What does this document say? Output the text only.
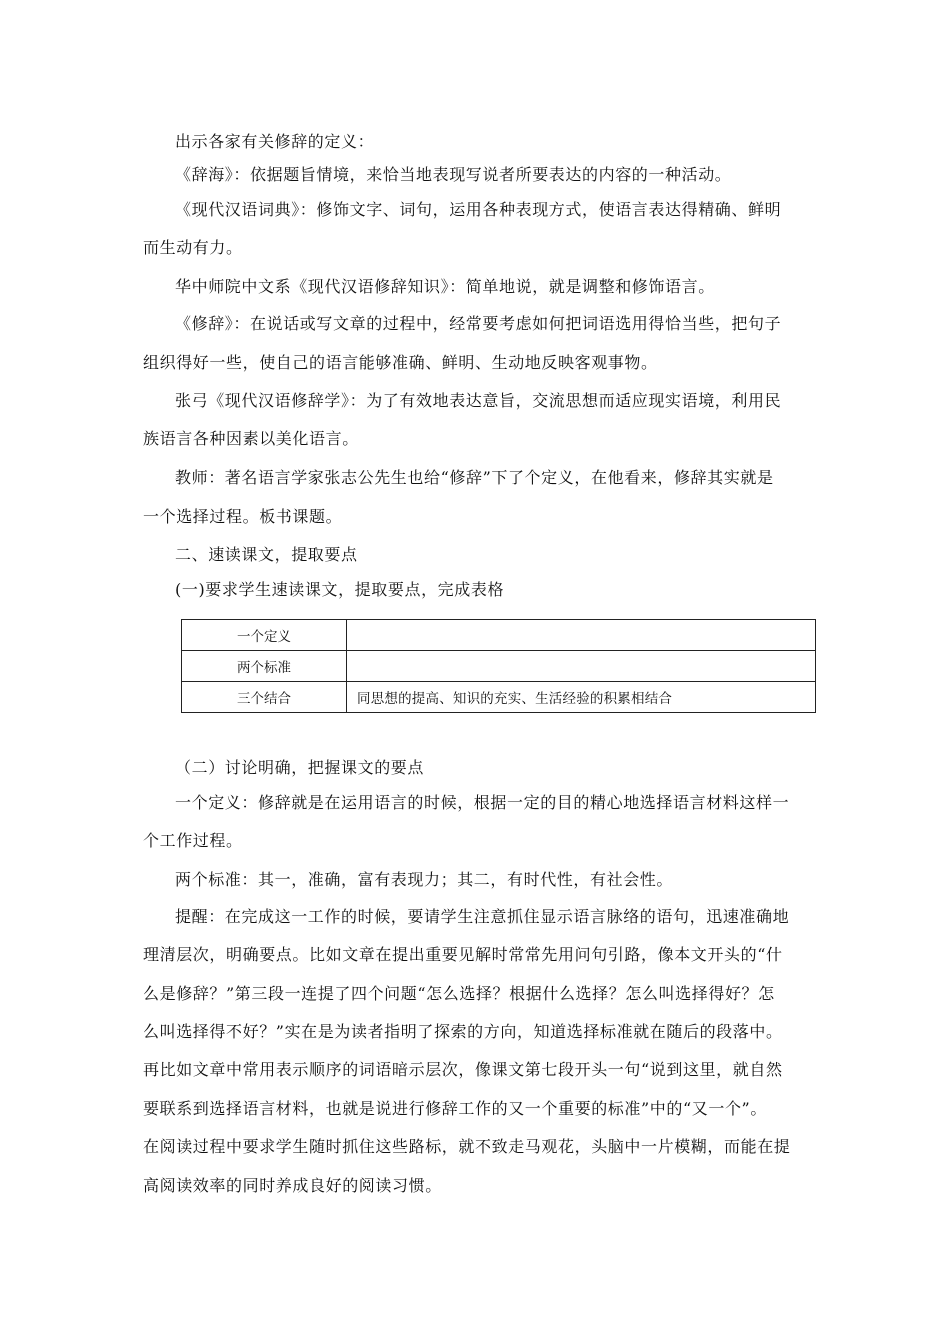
出示各家有关修辞的定义：
《辞海》：依据题旨情境，来恰当地表现写说者所要表达的内容的一种活动。
《现代汉语词典》：修饰文字、词句，运用各种表现方式，使语言表达得精确、鲜明
而生动有力。
华中师院中文系《现代汉语修辞知识》：简单地说，就是调整和修饰语言。
《修辞》：在说话或写文章的过程中，经常要考虑如何把词语选用得恰当些，把句子
组织得好一些，使自己的语言能够准确、鲜明、生动地反映客观事物。
张弓《现代汉语修辞学》：为了有效地表达意旨，交流思想而适应现实语境，利用民
族语言各种因素以美化语言。
教师：著名语言学家张志公先生也给“修辞”下了个定义，在他看来，修辞其实就是
一个选择过程。板书课题。
二、速读课文，提取要点
(一)要求学生速读课文，提取要点，完成表格
一个定义	
两个标准	
三个结合	同思想的提高、知识的充实、生活经验的积累相结合
（二）讨论明确，把握课文的要点
一个定义：修辞就是在运用语言的时候，根据一定的目的精心地选择语言材料这样一
个工作过程。
两个标准：其一，准确，富有表现力；其二，有时代性，有社会性。
提醒：在完成这一工作的时候，要请学生注意抓住显示语言脉络的语句，迅速准确地
理清层次，明确要点。比如文章在提出重要见解时常常先用问句引路，像本文开头的“什
么是修辞？”第三段一连提了四个问题“怎么选择？根据什么选择？怎么叫选择得好？怎
么叫选择得不好？”实在是为读者指明了探索的方向，知道选择标准就在随后的段落中。
再比如文章中常用表示顺序的词语暗示层次，像课文第七段开头一句“说到这里，就自然
要联系到选择语言材料，也就是说进行修辞工作的又一个重要的标准”中的“又一个”。
在阅读过程中要求学生随时抓住这些路标，就不致走马观花，头脑中一片模糊，而能在提
高阅读效率的同时养成良好的阅读习惯。
